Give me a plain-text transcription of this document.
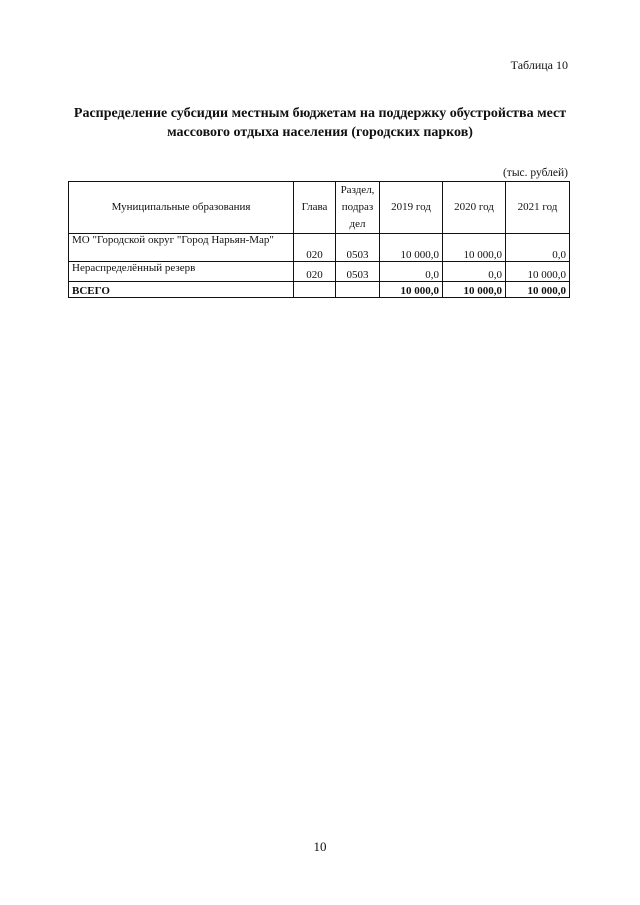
Таблица 10
Распределение субсидии местным бюджетам на поддержку обустройства мест массового отдыха населения (городских парков)
(тыс. рублей)
Муниципальные образования	Глава	Раздел, подраз дел	2019 год	2020 год	2021 год
МО "Городской округ "Город Нарьян-Мар"	020	0503	10 000,0	10 000,0	0,0
Нераспределённый резерв	020	0503	0,0	0,0	10 000,0
ВСЕГО			10 000,0	10 000,0	10 000,0
10
